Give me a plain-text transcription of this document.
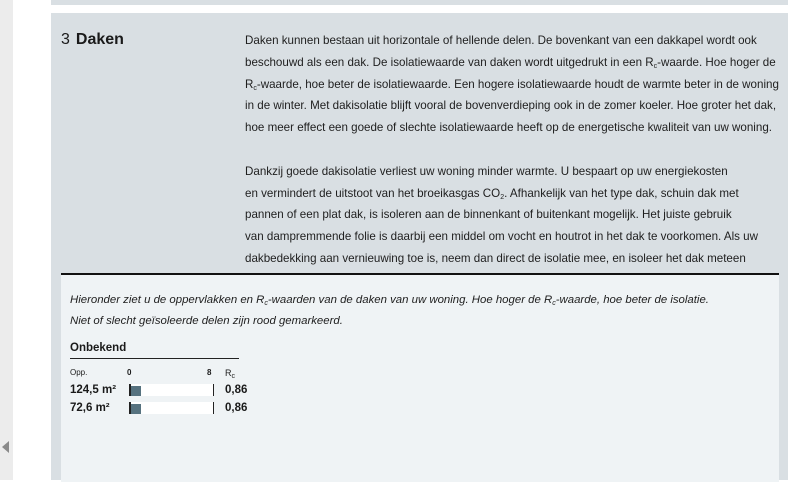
3 Daken	Daken kunnen bestaan uit horizontale of hellende delen. De bovenkant van een dakkapel wordt ook beschouwd als een dak. De isolatiewaarde van daken wordt uitgedrukt in een $R_c$-waarde. Hoe hoger de $R_c$-waarde, hoe beter de isolatiewaarde. Een hogere isolatiewaarde houdt de warmte beter in de woning in de winter. Met dakisolatie blijft vooral de bovenverdieping ook in de zomer koeler. Hoe groter het dak, hoe meer effect een goede of slechte isolatiewaarde heeft op de energetische kwaliteit van uw woning.

Dankzij goede dakisolatie verliest uw woning minder warmte. U bespaart op uw energiekosten
en vermindert de uitstoot van het broeikasgas $CO_2$. Afhankelijk van het type dak, schuin dak met
pannen of een plat dak, is isoleren aan de binnenkant of buitenkant mogelijk. Het juiste gebruik
van dampremmende folie is daarbij een middel om vocht en houtrot in het dak te voorkomen. Als uw
dakbedekking aan vernieuwing toe is, neem dan direct de isolatie mee, en isoleer het dak meteen

Hieronder ziet u de oppervlakken en $R_c$-waarden van de daken van uw woning. Hoe hoger de $R_c$-waarde, hoe beter de isolatie.

Niet of slecht geïsoleerde delen zijn rood gemarkeerd.

Onbekend
Opp.	0	8 $R_c$
124,5 m²	0,86
72,6 m²	0,86
